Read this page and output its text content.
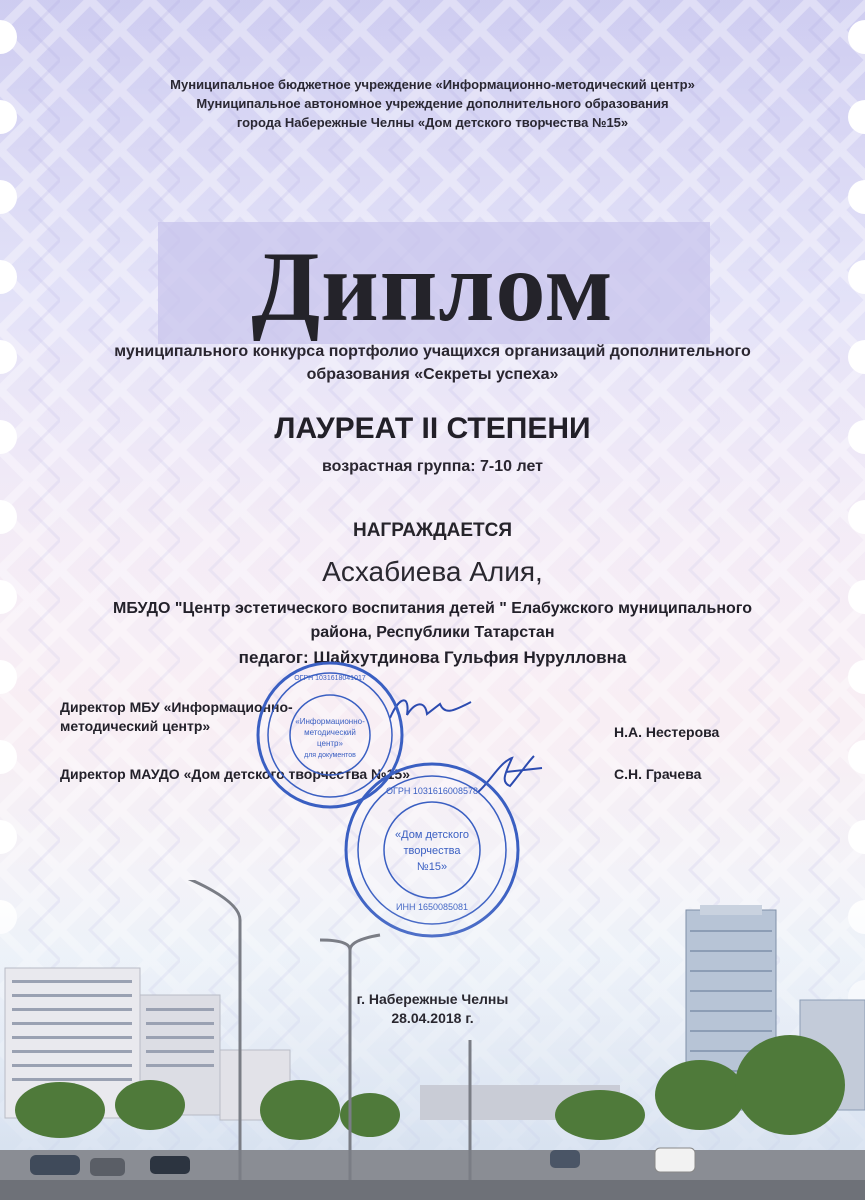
Муниципальное бюджетное учреждение «Информационно-методический центр»
Муниципальное автономное учреждение дополнительного образования
города Набережные Челны «Дом детского творчества №15»
Диплом
муниципального конкурса портфолио учащихся организаций дополнительного
образования «Секреты успеха»
ЛАУРЕАТ II СТЕПЕНИ
возрастная группа: 7-10 лет
НАГРАЖДАЕТСЯ
Асхабиева Алия,
МБУДО "Центр эстетического воспитания детей " Елабужского муниципального
района, Республики Татарстан
педагог: Шайхутдинова Гульфия Нурулловна
Директор МБУ «Информационно-
методический центр»	Н.А. Нестерова
Директор МАУДО «Дом детского творчества №15»	С.Н. Грачева
«Информационно-
методический
центр»
для документов
ОГРН 1031618041017
«Дом детского
творчества
№15»
ОГРН 1031616008578
г. Набережные Челны
28.04.2018 г.
